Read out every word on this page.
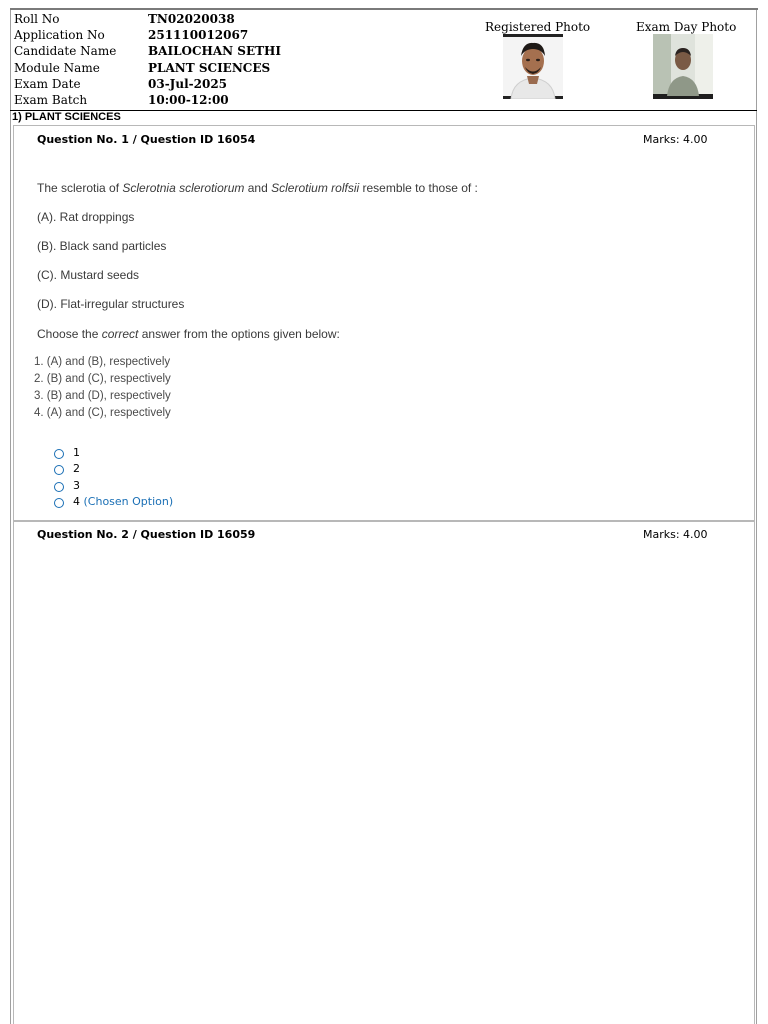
Roll No	TN02020038
Application No	251110012067
Candidate Name	BAILOCHAN SETHI
Module Name	PLANT SCIENCES
Exam Date	03-Jul-2025
Exam Batch	10:00-12:00
Registered Photo	Exam Day Photo
1) PLANT SCIENCES
Question No. 1 / Question ID 16054	Marks: 4.00
The sclerotia of Sclerotnia sclerotiorum and Sclerotium rolfsii resemble to those of :
(A). Rat droppings
(B). Black sand particles
(C). Mustard seeds
(D). Flat-irregular structures
Choose the correct answer from the options given below:
1. (A) and (B), respectively
2. (B) and (C), respectively
3. (B) and (D), respectively
4. (A) and (C), respectively
1
2
3
4 (Chosen Option)
Question No. 2 / Question ID 16059	Marks: 4.00
